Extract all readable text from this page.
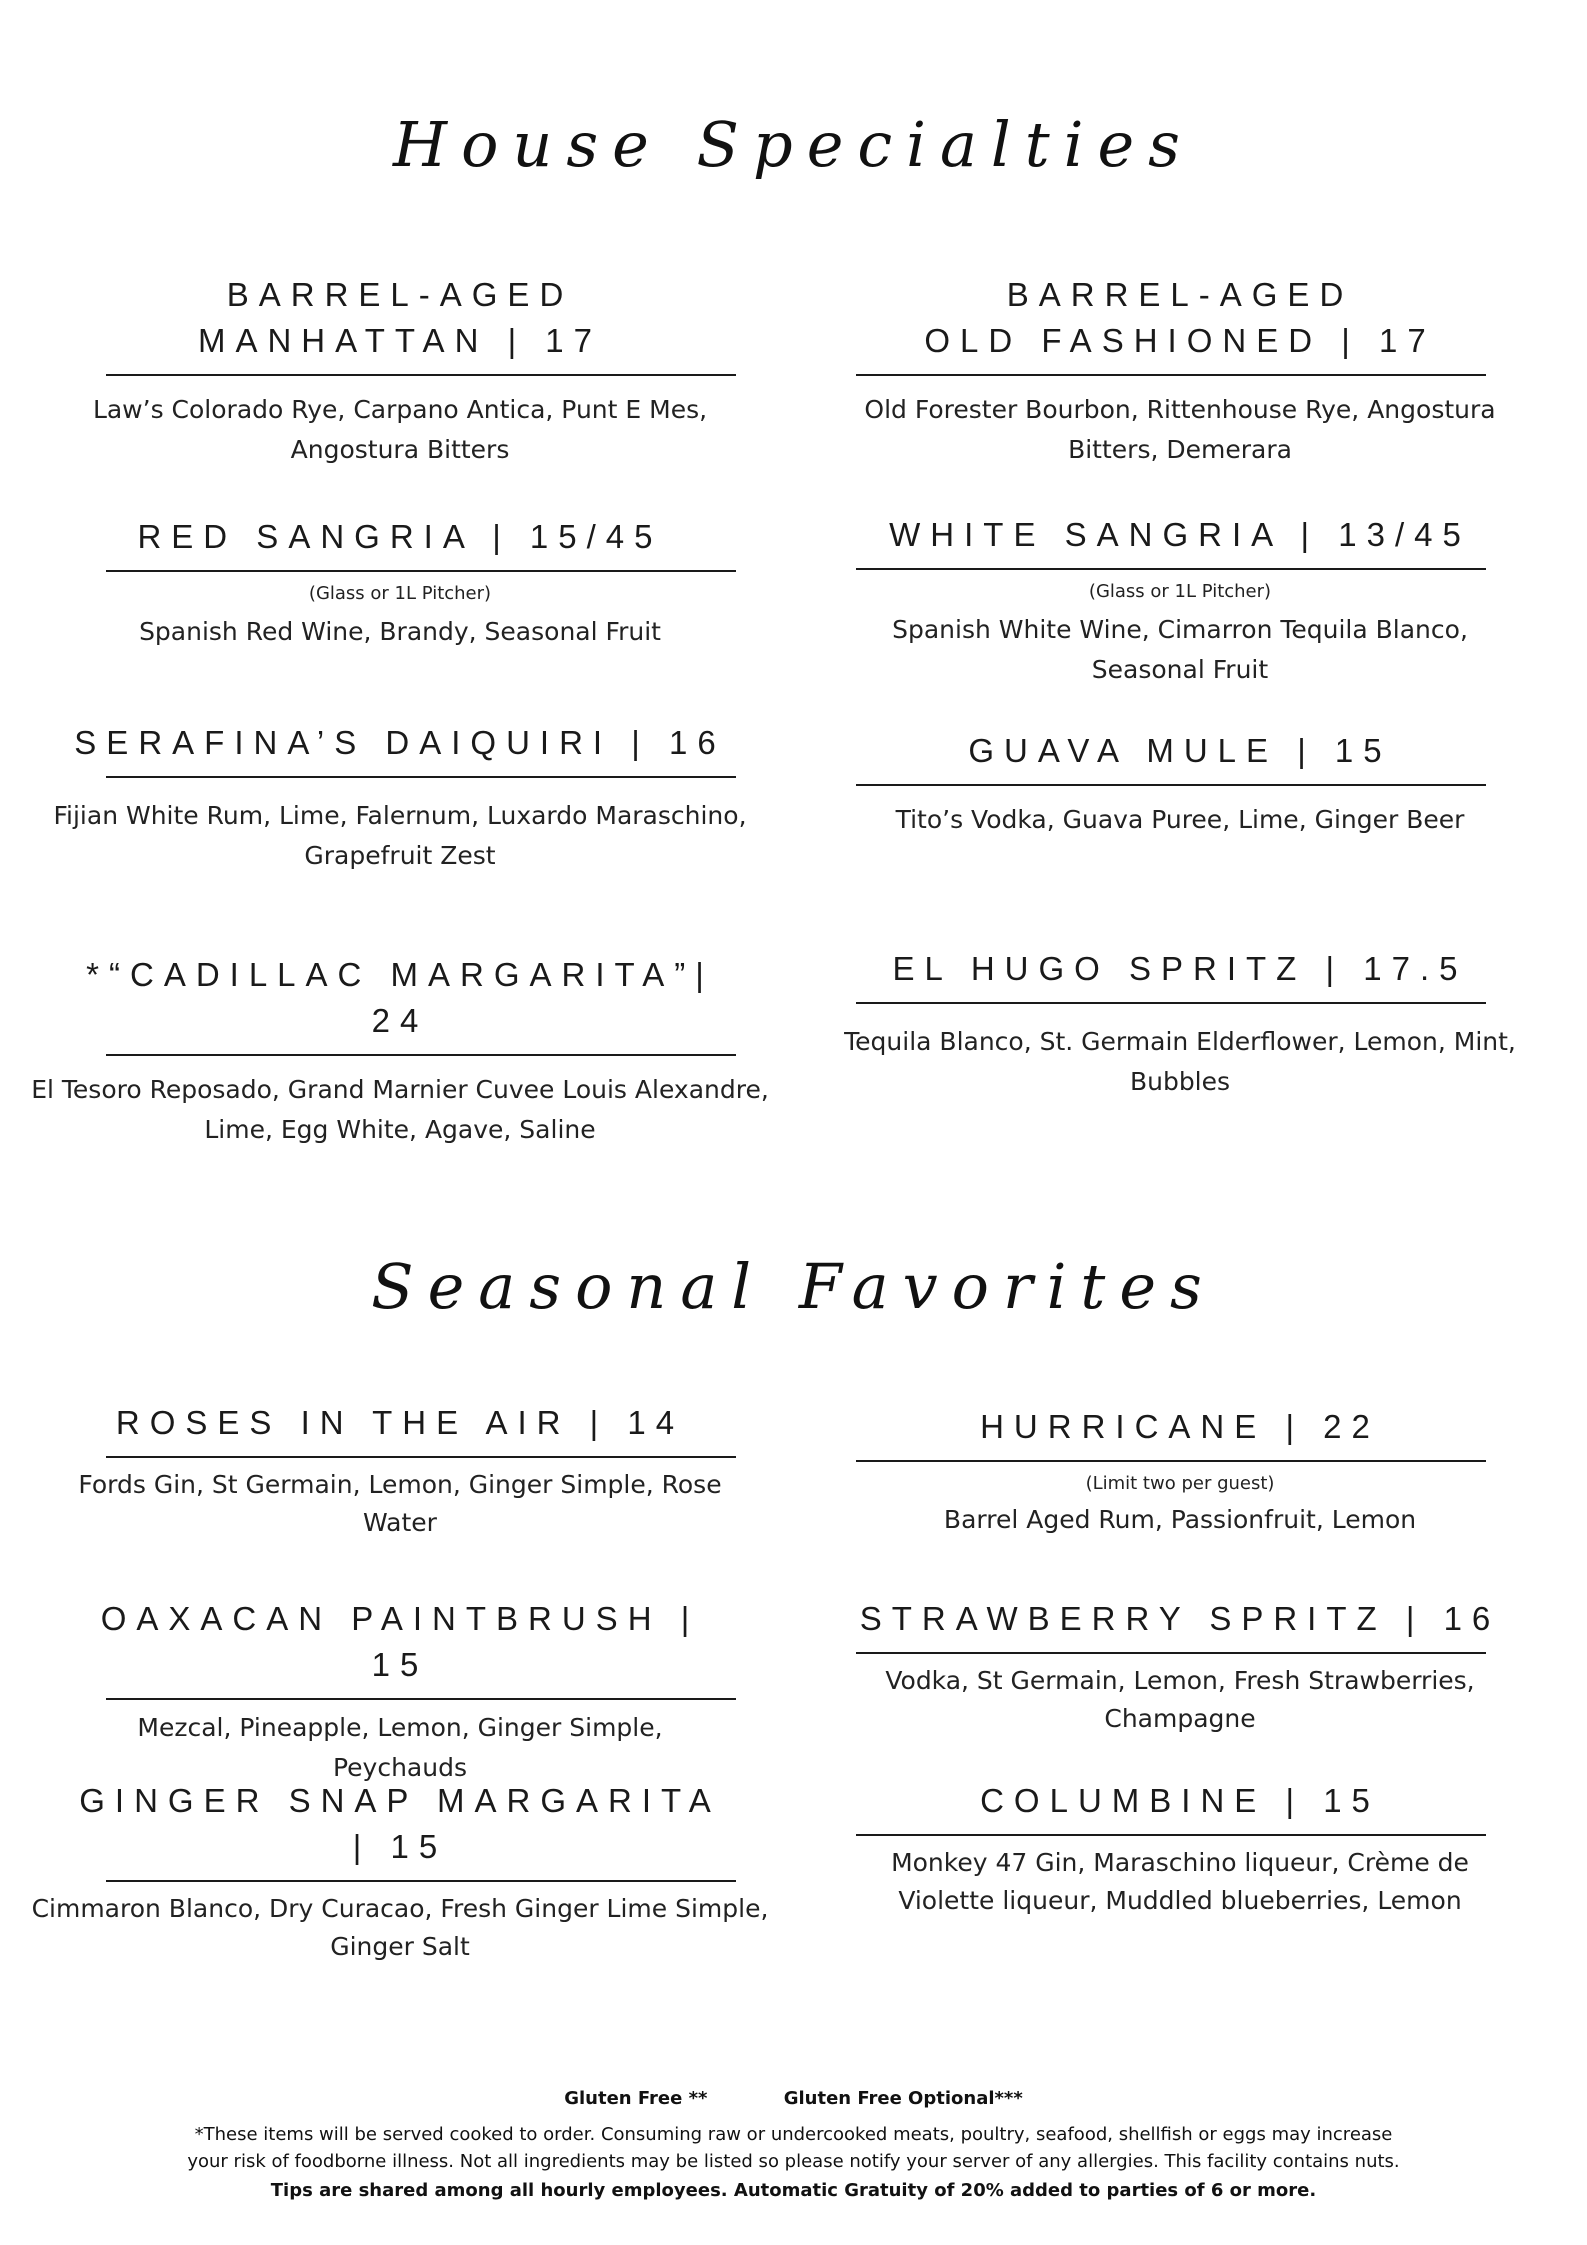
House Specialties
BARREL-AGED
MANHATTAN | 17
Law’s Colorado Rye, Carpano Antica, Punt E Mes, Angostura Bitters
RED SANGRIA | 15/45
(Glass or 1L Pitcher)
Spanish Red Wine, Brandy, Seasonal Fruit
SERAFINA’S DAIQUIRI | 16
Fijian White Rum, Lime, Falernum, Luxardo Maraschino, Grapefruit Zest
*“CADILLAC MARGARITA”| 24
El Tesoro Reposado, Grand Marnier Cuvee Louis Alexandre, Lime, Egg White, Agave, Saline
BARREL-AGED
OLD FASHIONED | 17
Old Forester Bourbon, Rittenhouse Rye, Angostura Bitters, Demerara
WHITE SANGRIA | 13/45
(Glass or 1L Pitcher)
Spanish White Wine, Cimarron Tequila Blanco, Seasonal Fruit
GUAVA MULE | 15
Tito’s Vodka, Guava Puree, Lime, Ginger Beer
EL HUGO SPRITZ | 17.5
Tequila Blanco, St. Germain Elderflower, Lemon, Mint, Bubbles
Seasonal Favorites
ROSES IN THE AIR | 14
Fords Gin, St Germain, Lemon, Ginger Simple, Rose Water
OAXACAN PAINTBRUSH | 15
Mezcal, Pineapple, Lemon, Ginger Simple, Peychauds
GINGER SNAP MARGARITA | 15
Cimmaron Blanco, Dry Curacao, Fresh Ginger Lime Simple, Ginger Salt
HURRICANE | 22
(Limit two per guest)
Barrel Aged Rum, Passionfruit, Lemon
STRAWBERRY SPRITZ | 16
Vodka, St Germain, Lemon, Fresh Strawberries, Champagne
COLUMBINE | 15
Monkey 47 Gin, Maraschino liqueur, Crème de Violette liqueur, Muddled blueberries, Lemon
Gluten Free **	Gluten Free Optional***
*These items will be served cooked to order. Consuming raw or undercooked meats, poultry, seafood, shellfish or eggs may increase
your risk of foodborne illness. Not all ingredients may be listed so please notify your server of any allergies. This facility contains nuts.
Tips are shared among all hourly employees. Automatic Gratuity of 20% added to parties of 6 or more.
